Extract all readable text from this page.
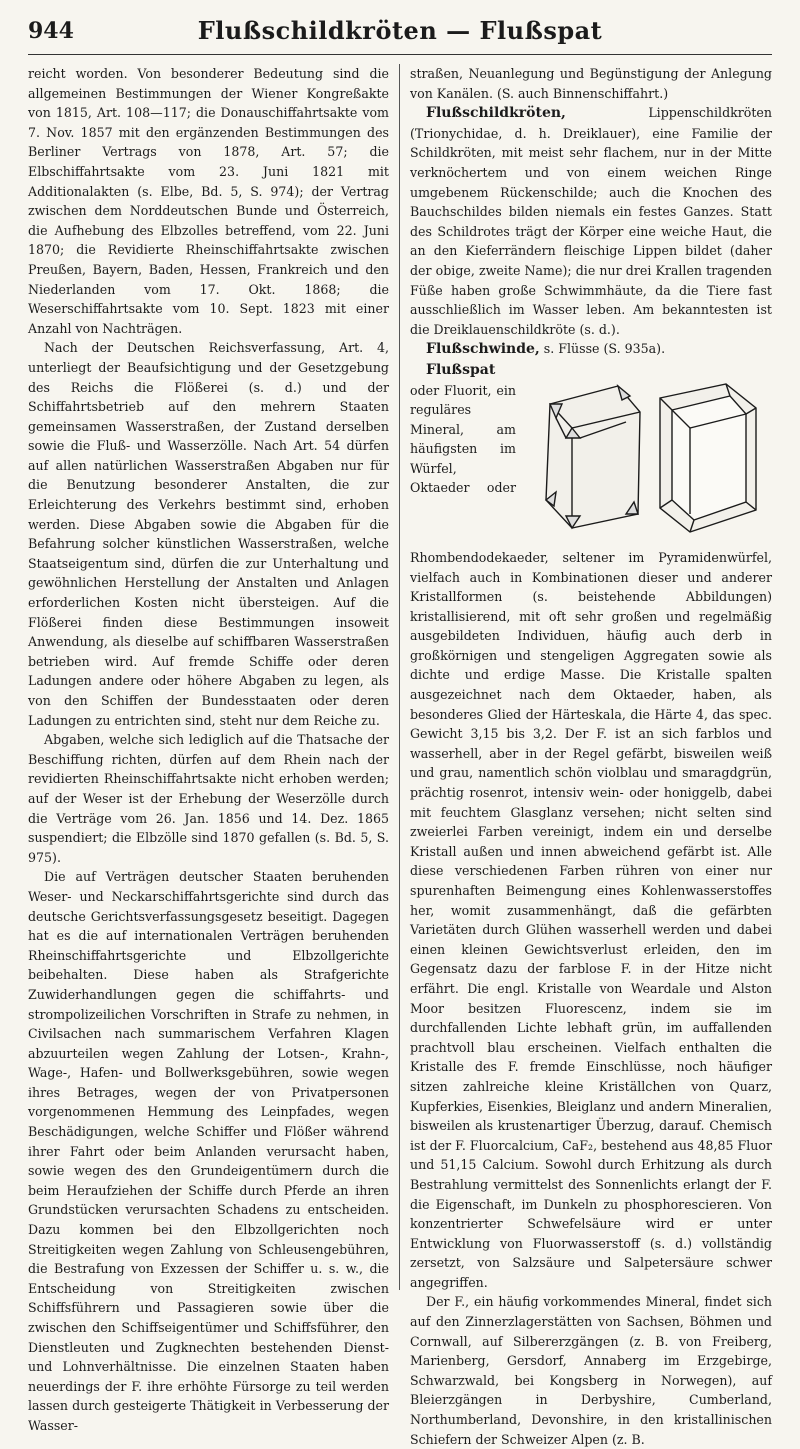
944	Flußschildkröten — Flußspat

reicht worden. Von besonderer Bedeutung sind die allgemeinen Bestimmungen der Wiener Kongreßakte von 1815, Art. 108—117; die Donauschiffahrtsakte vom 7. Nov. 1857 mit den ergänzenden Bestimmungen des Berliner Vertrags von 1878, Art. 57; die Elbschiffahrtsakte vom 23. Juni 1821 mit Additionalakten (s. Elbe, Bd. 5, S. 974); der Vertrag zwischen dem Norddeutschen Bunde und Österreich, die Aufhebung des Elbzolles betreffend, vom 22. Juni 1870; die Revidierte Rheinschiffahrtsakte zwischen Preußen, Bayern, Baden, Hessen, Frankreich und den Niederlanden vom 17. Okt. 1868; die Weserschiffahrtsakte vom 10. Sept. 1823 mit einer Anzahl von Nachträgen.

Nach der Deutschen Reichsverfassung, Art. 4, unterliegt der Beaufsichtigung und der Gesetzgebung des Reichs die Flößerei (s. d.) und der Schiffahrtsbetrieb auf den mehrern Staaten gemeinsamen Wasserstraßen, der Zustand derselben sowie die Fluß- und Wasserzölle. Nach Art. 54 dürfen auf allen natürlichen Wasserstraßen Abgaben nur für die Benutzung besonderer Anstalten, die zur Erleichterung des Verkehrs bestimmt sind, erhoben werden. Diese Abgaben sowie die Abgaben für die Befahrung solcher künstlichen Wasserstraßen, welche Staatseigentum sind, dürfen die zur Unterhaltung und gewöhnlichen Herstellung der Anstalten und Anlagen erforderlichen Kosten nicht übersteigen. Auf die Flößerei finden diese Bestimmungen insoweit Anwendung, als dieselbe auf schiffbaren Wasserstraßen betrieben wird. Auf fremde Schiffe oder deren Ladungen andere oder höhere Abgaben zu legen, als von den Schiffen der Bundesstaaten oder deren Ladungen zu entrichten sind, steht nur dem Reiche zu.

Abgaben, welche sich lediglich auf die Thatsache der Beschiffung richten, dürfen auf dem Rhein nach der revidierten Rheinschiffahrtsakte nicht erhoben werden; auf der Weser ist der Erhebung der Weserzölle durch die Verträge vom 26. Jan. 1856 und 14. Dez. 1865 suspendiert; die Elbzölle sind 1870 gefallen (s. Bd. 5, S. 975).

Die auf Verträgen deutscher Staaten beruhenden Weser- und Neckarschiffahrtsgerichte sind durch das deutsche Gerichtsverfassungsgesetz beseitigt. Dagegen hat es die auf internationalen Verträgen beruhenden Rheinschiffahrtsgerichte und Elbzollgerichte beibehalten. Diese haben als Strafgerichte Zuwiderhandlungen gegen die schiffahrts- und strompolizeilichen Vorschriften in Strafe zu nehmen, in Civilsachen nach summarischem Verfahren Klagen abzuurteilen wegen Zahlung der Lotsen-, Krahn-, Wage-, Hafen- und Bollwerksgebühren, sowie wegen ihres Betrages, wegen der von Privatpersonen vorgenommenen Hemmung des Leinpfades, wegen Beschädigungen, welche Schiffer und Flößer während ihrer Fahrt oder beim Anlanden verursacht haben, sowie wegen des den Grundeigentümern durch die beim Heraufziehen der Schiffe durch Pferde an ihren Grundstücken verursachten Schadens zu entscheiden. Dazu kommen bei den Elbzollgerichten noch Streitigkeiten wegen Zahlung von Schleusengebühren, die Bestrafung von Exzessen der Schiffer u. s. w., die Entscheidung von Streitigkeiten zwischen Schiffsführern und Passagieren sowie über die zwischen den Schiffseigentümer und Schiffsführer, den Dienstleuten und Zugknechten bestehenden Dienst- und Lohnverhältnisse. Die einzelnen Staaten haben neuerdings der F. ihre erhöhte Fürsorge zu teil werden lassen durch gesteigerte Thätigkeit in Verbesserung der Wasser-

straßen, Neuanlegung und Begünstigung der Anlegung von Kanälen. (S. auch Binnenschiffahrt.)

Flußschildkröten, Lippenschildkröten (Trionychidae, d. h. Dreiklauer), eine Familie der Schildkröten, mit meist sehr flachem, nur in der Mitte verknöchertem und von einem weichen Ringe umgebenem Rückenschilde; auch die Knochen des Bauchschildes bilden niemals ein festes Ganzes. Statt des Schildrotes trägt der Körper eine weiche Haut, die an den Kieferrändern fleischige Lippen bildet (daher der obige, zweite Name); die nur drei Krallen tragenden Füße haben große Schwimmhäute, da die Tiere fast ausschließlich im Wasser leben. Am bekanntesten ist die Dreiklauenschildkröte (s. d.).

Flußschwinde, s. Flüsse (S. 935a).

Flußspat oder Fluorit, ein reguläres Mineral, am häufigsten im Würfel, Oktaeder oder Rhombendodekaeder, seltener im Pyramidenwürfel, vielfach auch in Kombinationen dieser und anderer Kristallformen (s. beistehende Abbildungen) kristallisierend, mit oft sehr großen und regelmäßig ausgebildeten Individuen, häufig auch derb in großkörnigen und stengeligen Aggregaten sowie als dichte und erdige Masse. Die Kristalle spalten ausgezeichnet nach dem Oktaeder, haben, als besonderes Glied der Härteskala, die Härte 4, das spec. Gewicht 3,15 bis 3,2. Der F. ist an sich farblos und wasserhell, aber in der Regel gefärbt, bisweilen weiß und grau, namentlich schön violblau und smaragdgrün, prächtig rosenrot, intensiv wein- oder honiggelb, dabei mit feuchtem Glasglanz versehen; nicht selten sind zweierlei Farben vereinigt, indem ein und derselbe Kristall außen und innen abweichend gefärbt ist. Alle diese verschiedenen Farben rühren von einer nur spurenhaften Beimengung eines Kohlenwasserstoffes her, womit zusammenhängt, daß die gefärbten Varietäten durch Glühen wasserhell werden und dabei einen kleinen Gewichtsverlust erleiden, den im Gegensatz dazu der farblose F. in der Hitze nicht erfährt. Die engl. Kristalle von Weardale und Alston Moor besitzen Fluorescenz, indem sie im durchfallenden Lichte lebhaft grün, im auffallenden prachtvoll blau erscheinen. Vielfach enthalten die Kristalle des F. fremde Einschlüsse, noch häufiger sitzen zahlreiche kleine Kriställchen von Quarz, Kupferkies, Eisenkies, Bleiglanz und andern Mineralien, bisweilen als krustenartiger Überzug, darauf. Chemisch ist der F. Fluorcalcium, CaF₂, bestehend aus 48,85 Fluor und 51,15 Calcium. Sowohl durch Erhitzung als durch Bestrahlung vermittelst des Sonnenlichts erlangt der F. die Eigenschaft, im Dunkeln zu phosphorescieren. Von konzentrierter Schwefelsäure wird er unter Entwicklung von Fluorwasserstoff (s. d.) vollständig zersetzt, von Salzsäure und Salpetersäure schwer angegriffen.

Der F., ein häufig vorkommendes Mineral, findet sich auf den Zinnerzlagerstätten von Sachsen, Böhmen und Cornwall, auf Silbererzgängen (z. B. von Freiberg, Marienberg, Gersdorf, Annaberg im Erzgebirge, Schwarzwald, bei Kongsberg in Norwegen), auf Bleierzgängen in Derbyshire, Cumberland, Northumberland, Devonshire, in den kristallinischen Schiefern der Schweizer Alpen (z. B.
